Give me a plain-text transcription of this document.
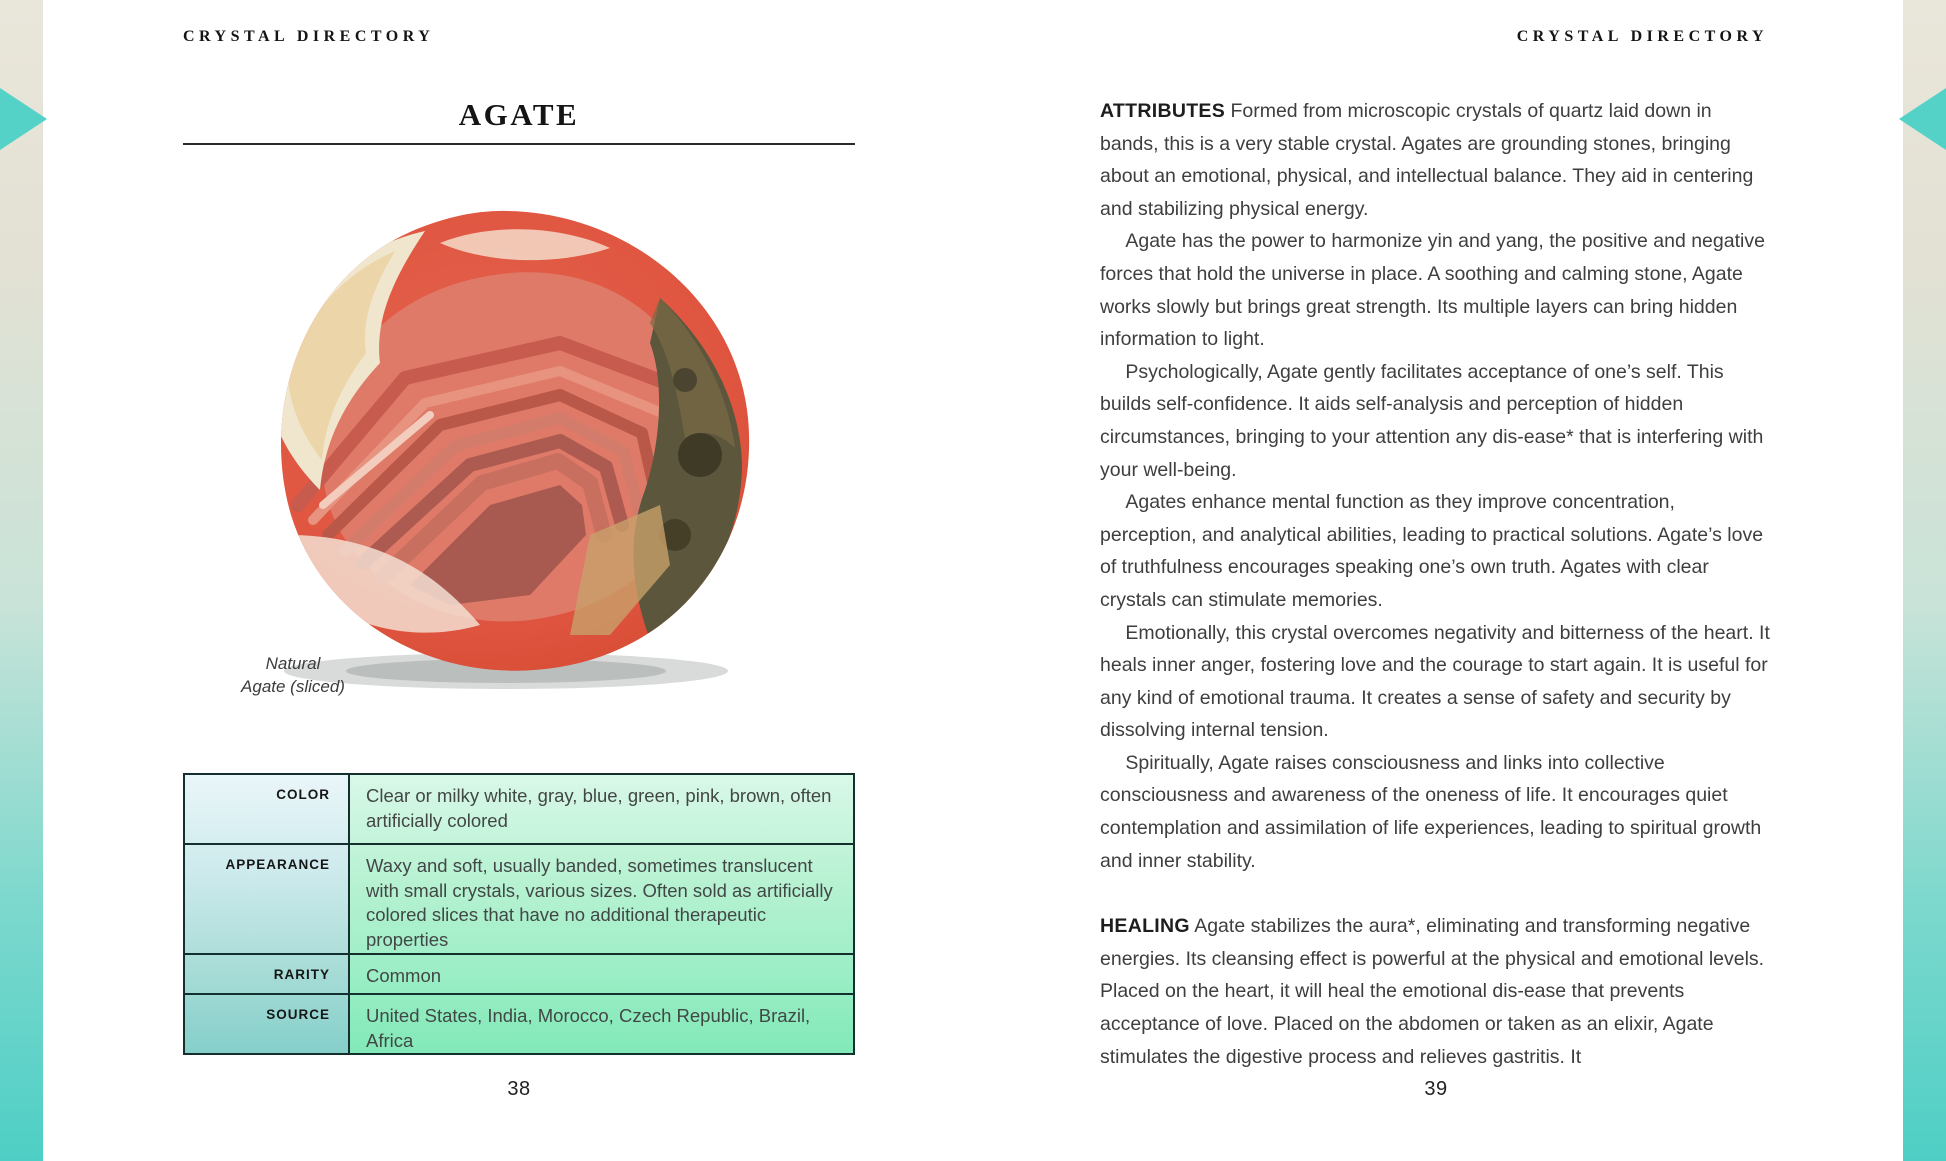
CRYSTAL DIRECTORY
AGATE
Natural
Agate (sliced)
COLOR	Clear or milky white, gray, blue, green, pink, brown, often artificially colored
APPEARANCE	Waxy and soft, usually banded, sometimes translucent with small crystals, various sizes. Often sold as artificially colored slices that have no additional therapeutic properties
RARITY	Common
SOURCE	United States, India, Morocco, Czech Republic, Brazil, Africa
38
CRYSTAL DIRECTORY

ATTRIBUTES Formed from microscopic crystals of quartz laid down in bands, this is a very stable crystal. Agates are grounding stones, bringing about an emotional, physical, and intellectual balance. They aid in centering and stabilizing physical energy.

Agate has the power to harmonize yin and yang, the positive and negative forces that hold the universe in place. A soothing and calming stone, Agate works slowly but brings great strength. Its multiple layers can bring hidden information to light.

Psychologically, Agate gently facilitates acceptance of one’s self. This builds self-confidence. It aids self-analysis and perception of hidden circumstances, bringing to your attention any dis-ease* that is interfering with your well-being.

Agates enhance mental function as they improve concentration, perception, and analytical abilities, leading to practical solutions. Agate’s love of truthfulness encourages speaking one’s own truth. Agates with clear crystals can stimulate memories.

Emotionally, this crystal overcomes negativity and bitterness of the heart. It heals inner anger, fostering love and the courage to start again. It is useful for any kind of emotional trauma. It creates a sense of safety and security by dissolving internal tension.

Spiritually, Agate raises consciousness and links into collective consciousness and awareness of the oneness of life. It encourages quiet contemplation and assimilation of life experiences, leading to spiritual growth and inner stability.

HEALING Agate stabilizes the aura*, eliminating and transforming negative energies. Its cleansing effect is powerful at the physical and emotional levels. Placed on the heart, it will heal the emotional dis-ease that prevents acceptance of love. Placed on the abdomen or taken as an elixir, Agate stimulates the digestive process and relieves gastritis. It

39
